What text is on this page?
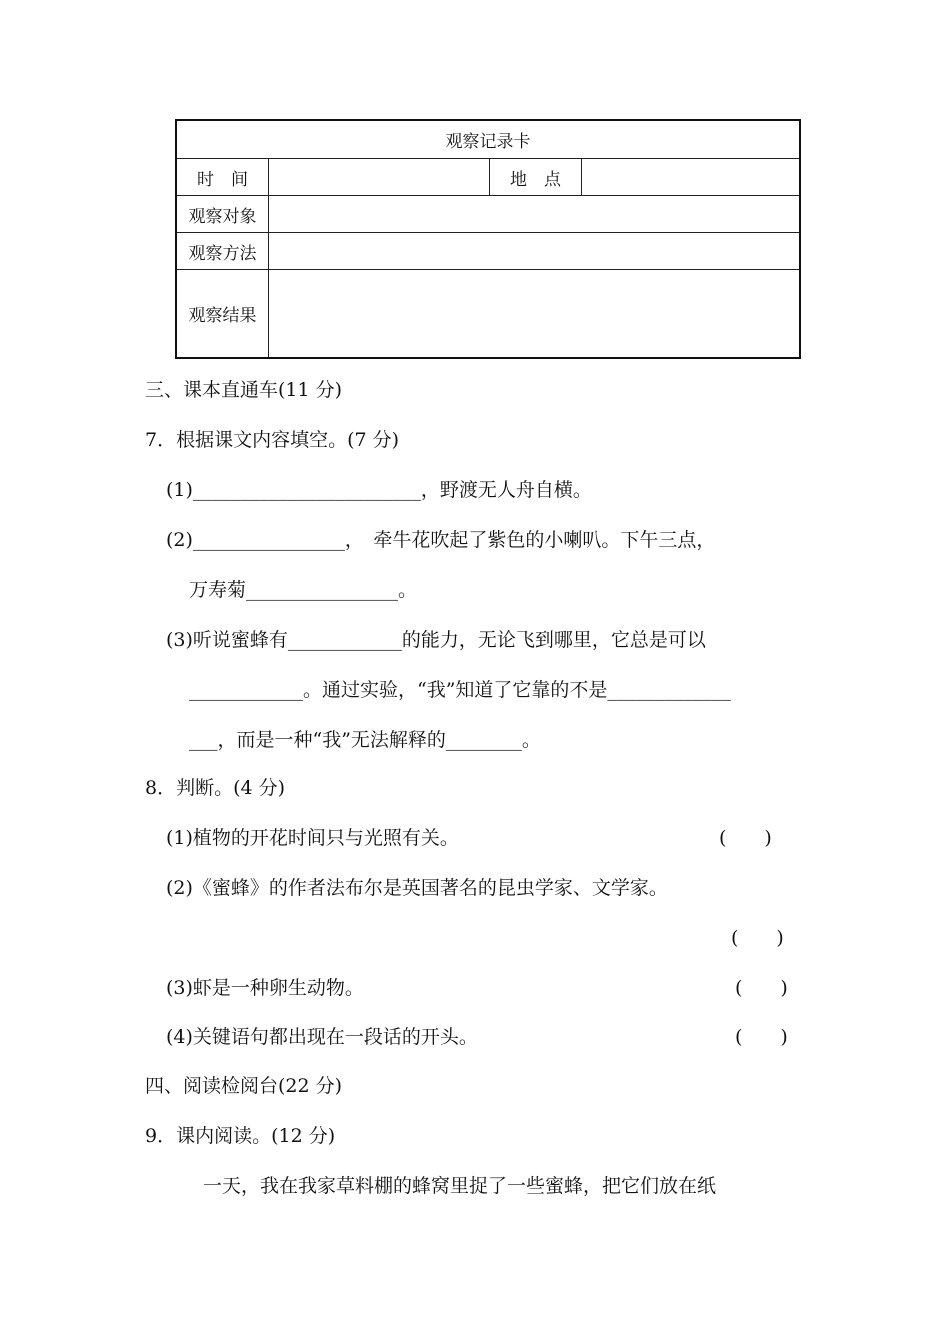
观察记录卡			
时　间		地　点	
观察对象			
观察方法			
观察结果			
三、课本直通车(11 分)
7．根据课文内容填空。(7 分)
(1)________________________，野渡无人舟自横。
(2)________________，　牵牛花吹起了紫色的小喇叭。下午三点，
万寿菊________________。
(3)听说蜜蜂有____________的能力，无论飞到哪里，它总是可以
____________。通过实验，“我”知道了它靠的不是_____________
___，而是一种“我”无法解释的________。
8．判断。(4 分)
(1)植物的开花时间只与光照有关。	(　　)
(2)《蜜蜂》的作者法布尔是英国著名的昆虫学家、文学家。
(　　)
(3)虾是一种卵生动物。	(　　)
(4)关键语句都出现在一段话的开头。	(　　)
四、阅读检阅台(22 分)
9．课内阅读。(12 分)
一天，我在我家草料棚的蜂窝里捉了一些蜜蜂，把它们放在纸
